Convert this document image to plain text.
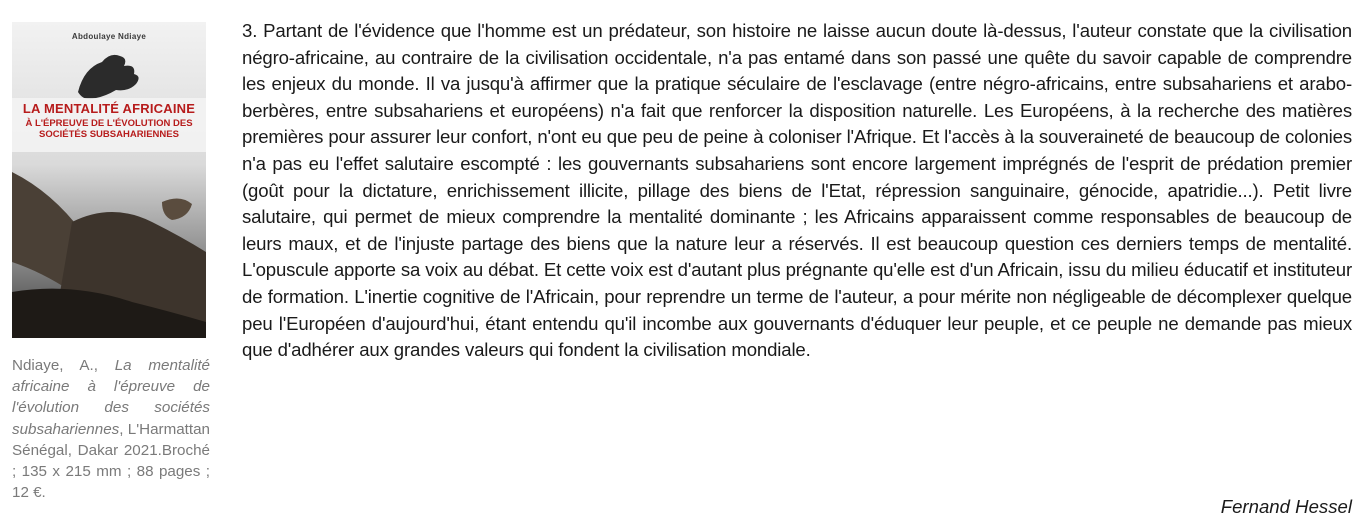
Abdoulaye Ndiaye
LA MENTALITÉ AFRICAINE
À L'ÉPREUVE DE L'ÉVOLUTION DES SOCIÉTÉS SUBSAHARIENNES
Ndiaye, A., La mentalité africaine à l'épreuve de l'évolution des sociétés subsahariennes, L'Harmattan Sénégal, Dakar 2021.Broché ; 135 x 215 mm ; 88 pages ; 12 €.

3. Partant de l'évidence que l'homme est un prédateur, son histoire ne laisse aucun doute là-dessus, l'auteur constate que la civilisation négro-africaine, au contraire de la civilisation occidentale, n'a pas entamé dans son passé une quête du savoir capable de comprendre les enjeux du monde. Il va jusqu'à affirmer que la pratique séculaire de l'esclavage (entre négro-africains, entre subsahariens et arabo-berbères, entre subsahariens et européens) n'a fait que renforcer la disposition naturelle. Les Européens, à la recherche des matières premières pour assurer leur confort, n'ont eu que peu de peine à coloniser l'Afrique. Et l'accès à la souveraineté de beaucoup de colonies n'a pas eu l'effet salutaire escompté : les gouvernants subsahariens sont encore largement imprégnés de l'esprit de prédation premier (goût pour la dictature, enrichissement illicite, pillage des biens de l'Etat, répression sanguinaire, génocide, apatridie...). Petit livre salutaire, qui permet de mieux comprendre la mentalité dominante ; les Africains apparaissent comme responsables de beaucoup de leurs maux, et de l'injuste partage des biens que la nature leur a réservés. Il est beaucoup question ces derniers temps de mentalité. L'opuscule apporte sa voix au débat. Et cette voix est d'autant plus prégnante qu'elle est d'un Africain, issu du milieu éducatif et instituteur de formation. L'inertie cognitive de l'Africain, pour reprendre un terme de l'auteur, a pour mérite non négligeable de décomplexer quelque peu l'Européen d'aujourd'hui, étant entendu qu'il incombe aux gouvernants d'éduquer leur peuple, et ce peuple ne demande pas mieux que d'adhérer aux grandes valeurs qui fondent la civilisation mondiale.

Fernand Hessel
